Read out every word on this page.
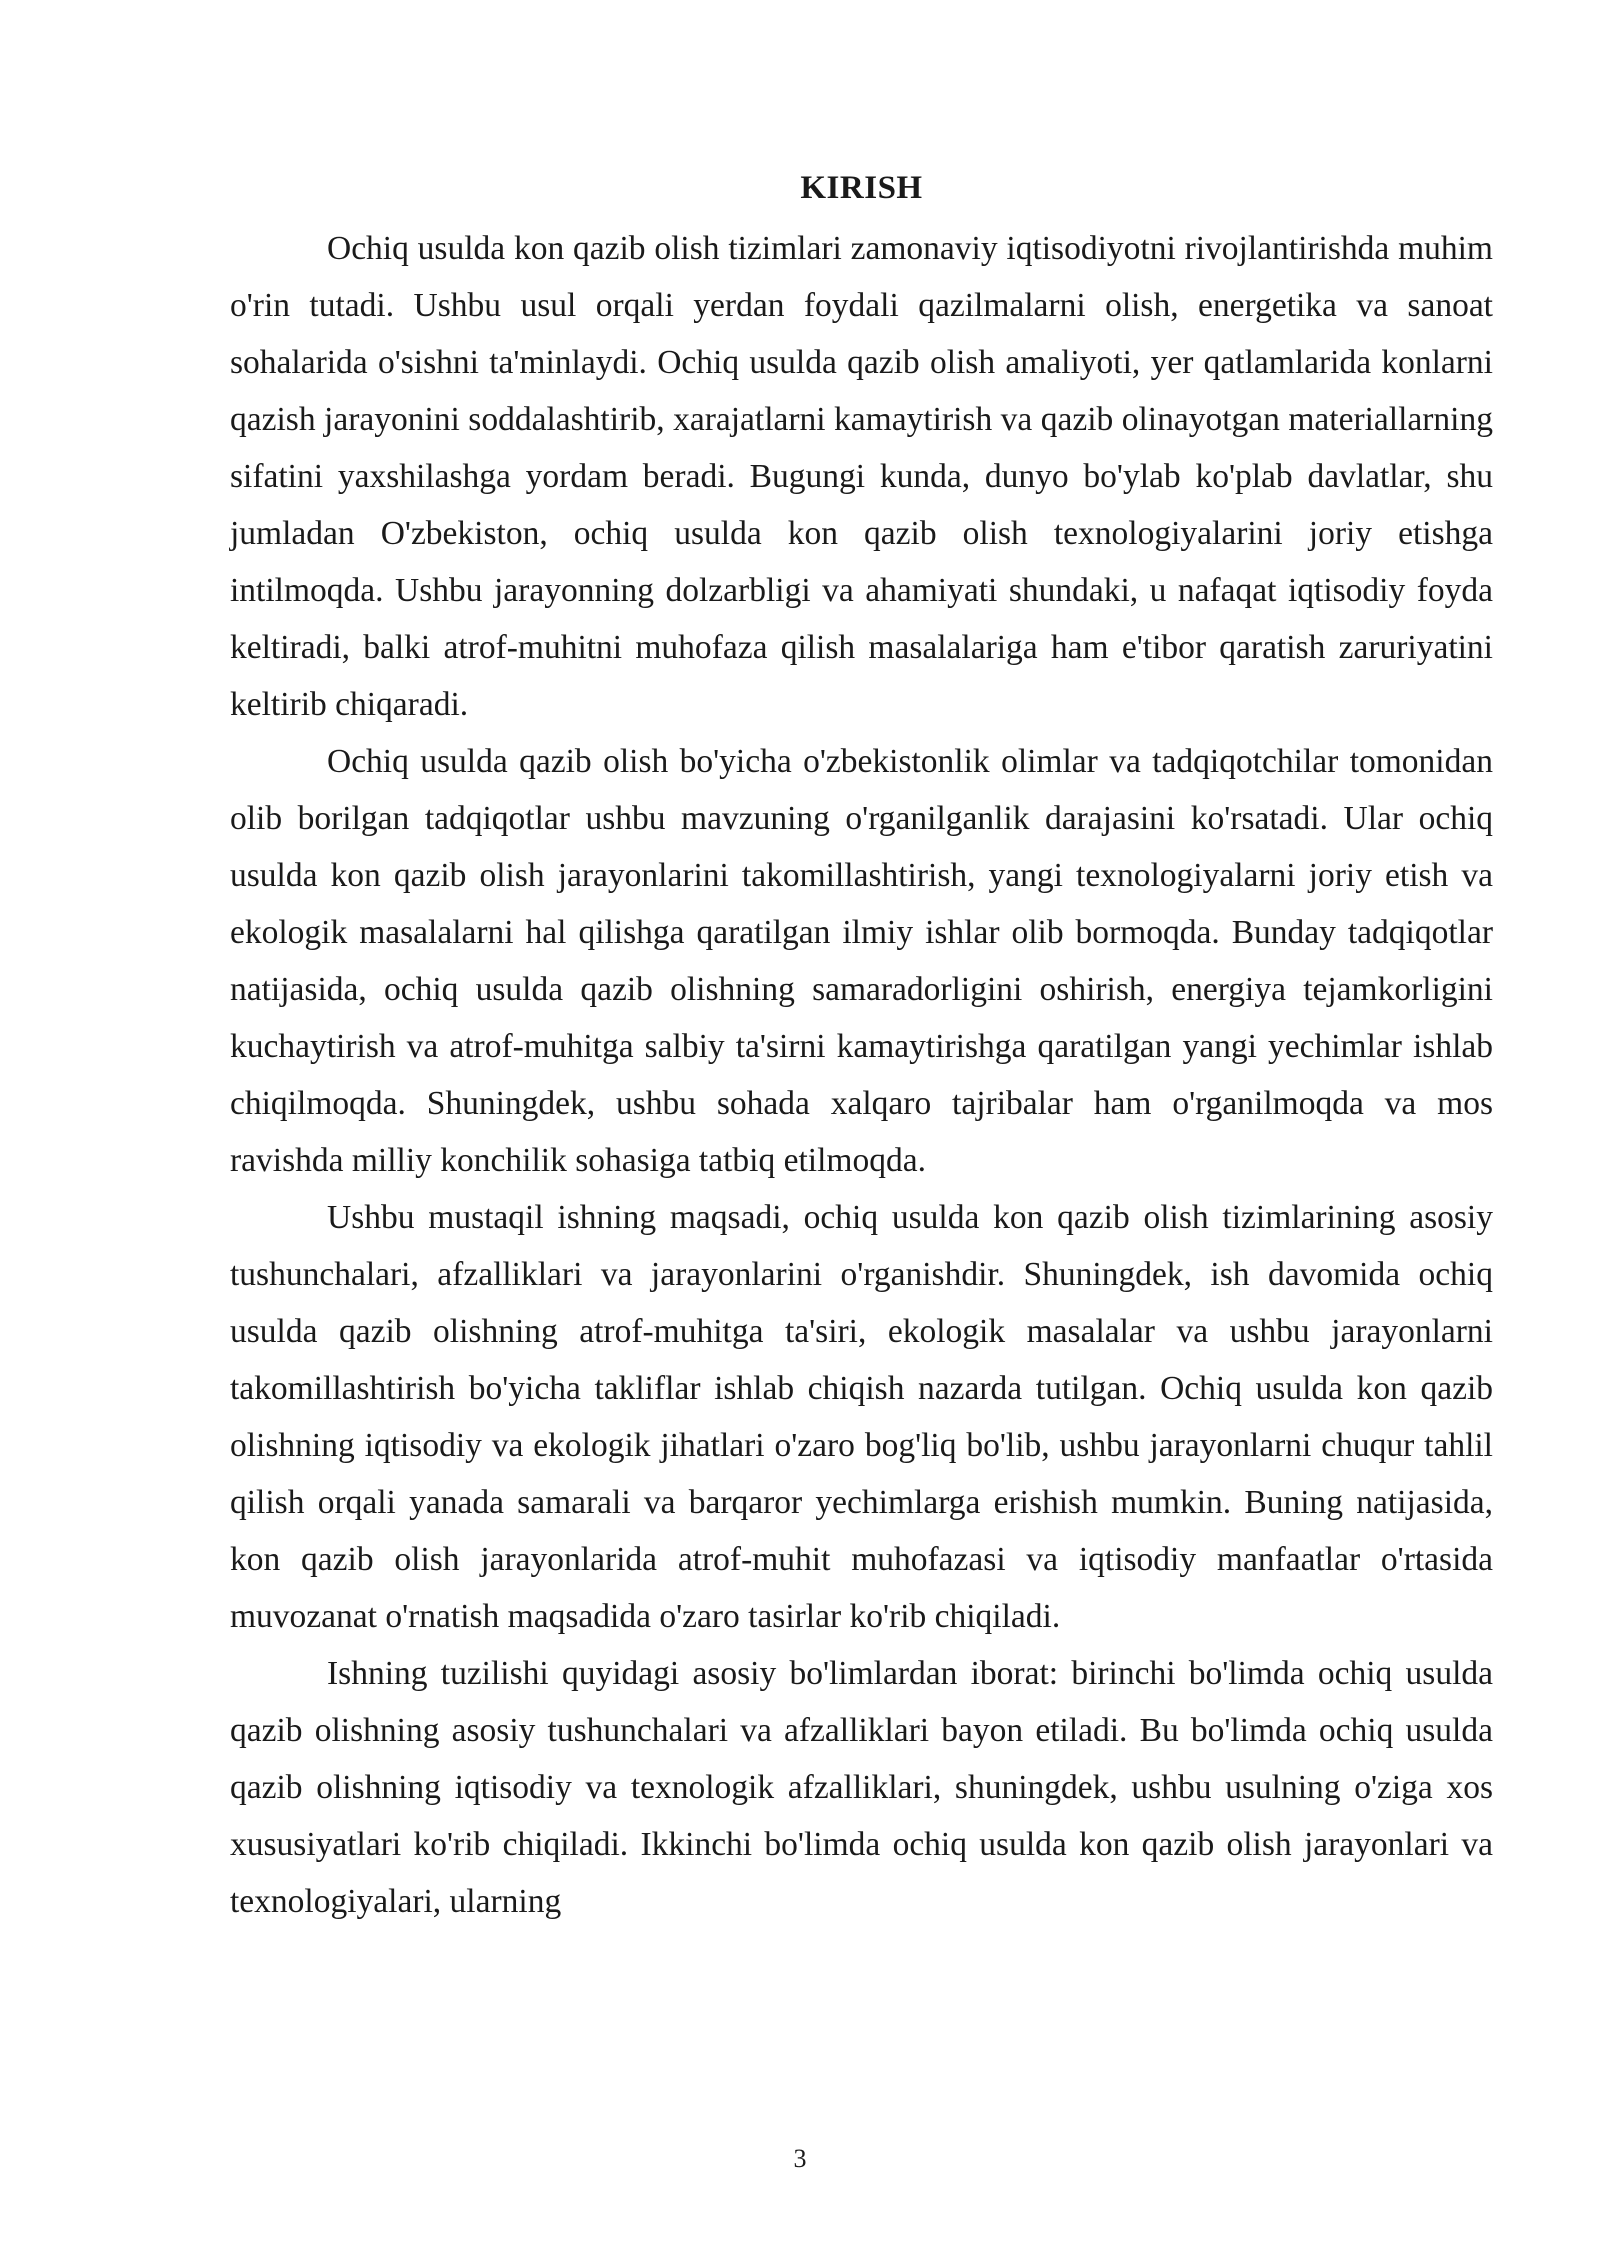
KIRISH

Ochiq usulda kon qazib olish tizimlari zamonaviy iqtisodiyotni rivojlantirishda muhim o'rin tutadi. Ushbu usul orqali yerdan foydali qazilmalarni olish, energetika va sanoat sohalarida o'sishni ta'minlaydi. Ochiq usulda qazib olish amaliyoti, yer qatlamlarida konlarni qazish jarayonini soddalashtirib, xarajatlarni kamaytirish va qazib olinayotgan materiallarning sifatini yaxshilashga yordam beradi. Bugungi kunda, dunyo bo'ylab ko'plab davlatlar, shu jumladan O'zbekiston, ochiq usulda kon qazib olish texnologiyalarini joriy etishga intilmoqda. Ushbu jarayonning dolzarbligi va ahamiyati shundaki, u nafaqat iqtisodiy foyda keltiradi, balki atrof-muhitni muhofaza qilish masalalariga ham e'tibor qaratish zaruriyatini keltirib chiqaradi.

Ochiq usulda qazib olish bo'yicha o'zbekistonlik olimlar va tadqiqotchilar tomonidan olib borilgan tadqiqotlar ushbu mavzuning o'rganilganlik darajasini ko'rsatadi. Ular ochiq usulda kon qazib olish jarayonlarini takomillashtirish, yangi texnologiyalarni joriy etish va ekologik masalalarni hal qilishga qaratilgan ilmiy ishlar olib bormoqda. Bunday tadqiqotlar natijasida, ochiq usulda qazib olishning samaradorligini oshirish, energiya tejamkorligini kuchaytirish va atrof-muhitga salbiy ta'sirni kamaytirishga qaratilgan yangi yechimlar ishlab chiqilmoqda. Shuningdek, ushbu sohada xalqaro tajribalar ham o'rganilmoqda va mos ravishda milliy konchilik sohasiga tatbiq etilmoqda.

Ushbu mustaqil ishning maqsadi, ochiq usulda kon qazib olish tizimlarining asosiy tushunchalari, afzalliklari va jarayonlarini o'rganishdir. Shuningdek, ish davomida ochiq usulda qazib olishning atrof-muhitga ta'siri, ekologik masalalar va ushbu jarayonlarni takomillashtirish bo'yicha takliflar ishlab chiqish nazarda tutilgan. Ochiq usulda kon qazib olishning iqtisodiy va ekologik jihatlari o'zaro bog'liq bo'lib, ushbu jarayonlarni chuqur tahlil qilish orqali yanada samarali va barqaror yechimlarga erishish mumkin. Buning natijasida, kon qazib olish jarayonlarida atrof-muhit muhofazasi va iqtisodiy manfaatlar o'rtasida muvozanat o'rnatish maqsadida o'zaro tasirlar ko'rib chiqiladi.

Ishning tuzilishi quyidagi asosiy bo'limlardan iborat: birinchi bo'limda ochiq usulda qazib olishning asosiy tushunchalari va afzalliklari bayon etiladi. Bu bo'limda ochiq usulda qazib olishning iqtisodiy va texnologik afzalliklari, shuningdek, ushbu usulning o'ziga xos xususiyatlari ko'rib chiqiladi. Ikkinchi bo'limda ochiq usulda kon qazib olish jarayonlari va texnologiyalari, ularning

3
